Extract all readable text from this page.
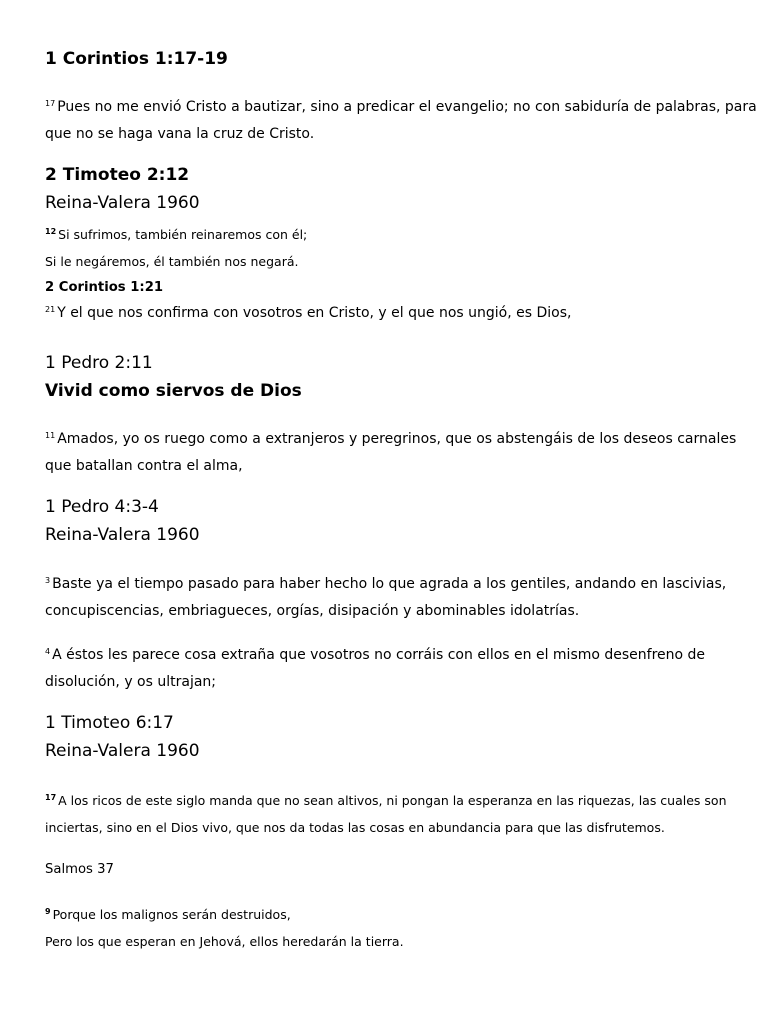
1 Corintios 1:17-19
$^{17}$ Pues no me envió Cristo a bautizar, sino a predicar el evangelio; no con sabiduría de palabras, para
que no se haga vana la cruz de Cristo.
2 Timoteo 2:12
Reina-Valera 1960
$^{12}$ Si sufrimos, también reinaremos con él;
Si le negáremos, él también nos negará.
2 Corintios 1:21
$^{21}$ Y el que nos confirma con vosotros en Cristo, y el que nos ungió, es Dios,
1 Pedro 2:11
Vivid como siervos de Dios
$^{11}$ Amados, yo os ruego como a extranjeros y peregrinos, que os abstengáis de los deseos carnales
que batallan contra el alma,
1 Pedro 4:3-4
Reina-Valera 1960
$^3$ Baste ya el tiempo pasado para haber hecho lo que agrada a los gentiles, andando en lascivias,
concupiscencias, embriagueces, orgías, disipación y abominables idolatrías.
$^4$ A éstos les parece cosa extraña que vosotros no corráis con ellos en el mismo desenfreno de
disolución, y os ultrajan;
1 Timoteo 6:17
Reina-Valera 1960
$^{17}$ A los ricos de este siglo manda que no sean altivos, ni pongan la esperanza en las riquezas, las cuales son
inciertas, sino en el Dios vivo, que nos da todas las cosas en abundancia para que las disfrutemos.
Salmos 37
$^9$ Porque los malignos serán destruidos,
Pero los que esperan en Jehová, ellos heredarán la tierra.
